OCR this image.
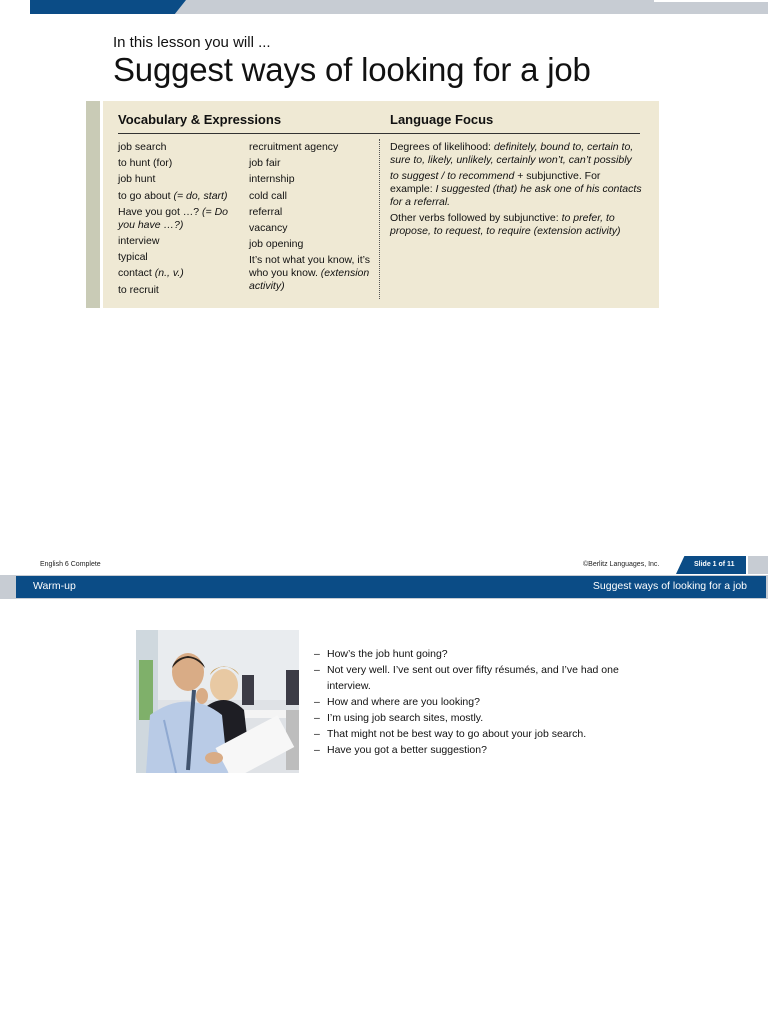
In this lesson you will ...
Suggest ways of looking for a job
Vocabulary & Expressions	Language Focus
job search
to hunt (for)
job hunt
to go about (= do, start)
Have you got …? (= Do you have …?)
interview
typical
contact (n., v.)
to recruit
recruitment agency
job fair
internship
cold call
referral
vacancy
job opening
It’s not what you know, it’s who you know. (extension activity)
Degrees of likelihood: definitely, bound to, certain to, sure to, likely, unlikely, certainly won’t, can’t possibly
to suggest / to recommend + subjunctive. For example: I suggested (that) he ask one of his contacts for a referral.
Other verbs followed by subjunctive: to prefer, to propose, to request, to require (extension activity)
English 6 Complete	©Berlitz Languages, Inc.	Slide 1 of 11
Warm-up	Suggest ways of looking for a job
– How’s the job hunt going?
– Not very well. I’ve sent out over fifty résumés, and I’ve had one interview.
– How and where are you looking?
– I’m using job search sites, mostly.
– That might not be best way to go about your job search.
– Have you got a better suggestion?
